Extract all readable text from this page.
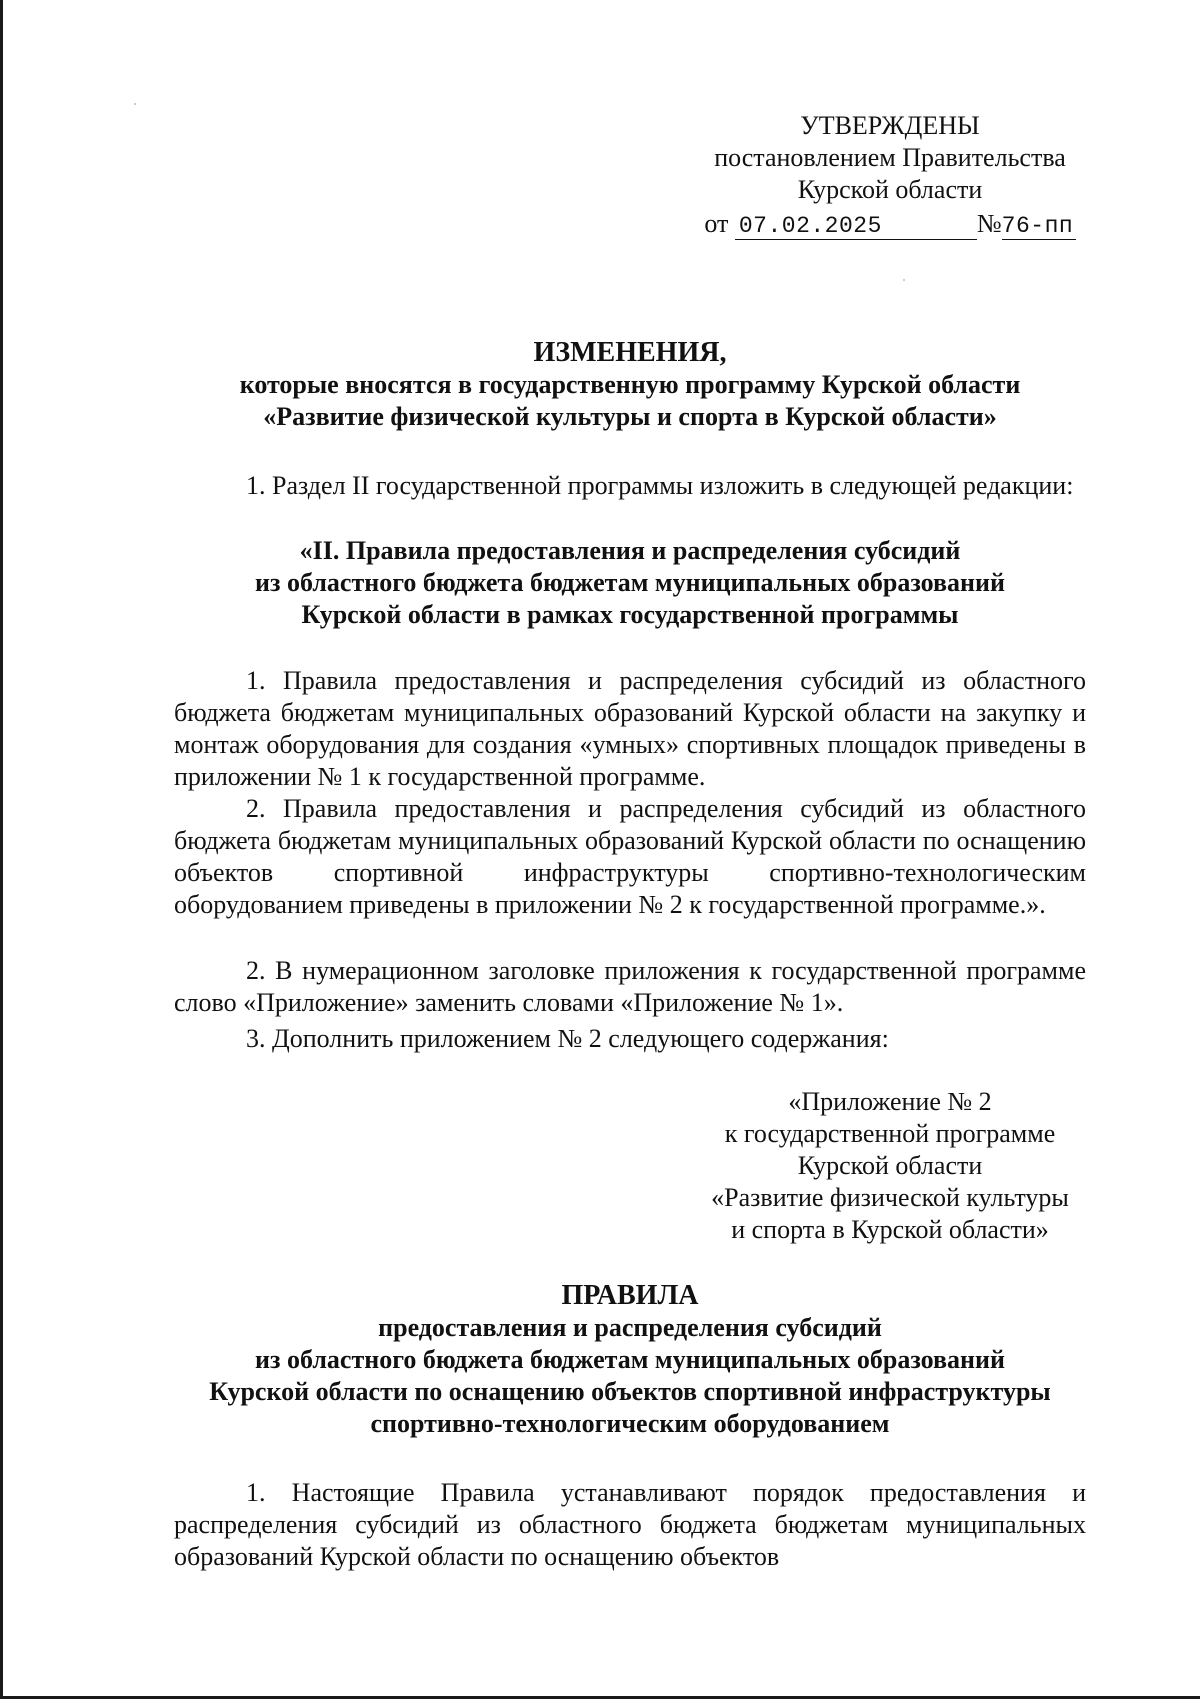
УТВЕРЖДЕНЫ
постановлением Правительства
Курской области
от 07.02.2025	№76-пп
ИЗМЕНЕНИЯ,
которые вносятся в государственную программу Курской области
«Развитие физической культуры и спорта в Курской области»
1. Раздел II государственной программы изложить в следующей редакции:
«II. Правила предоставления и распределения субсидий
из областного бюджета бюджетам муниципальных образований
Курской области в рамках государственной программы
1. Правила предоставления и распределения субсидий из областного бюджета бюджетам муниципальных образований Курской области на закупку и монтаж оборудования для создания «умных» спортивных площадок приведены в приложении № 1 к государственной программе.
2. Правила предоставления и распределения субсидий из областного бюджета бюджетам муниципальных образований Курской области по оснащению объектов спортивной инфраструктуры спортивно-технологическим оборудованием приведены в приложении № 2 к государственной программе.».
2. В нумерационном заголовке приложения к государственной программе слово «Приложение» заменить словами «Приложение № 1».
3. Дополнить приложением № 2 следующего содержания:
«Приложение № 2
к государственной программе
Курской области
«Развитие физической культуры
и спорта в Курской области»
ПРАВИЛА
предоставления и распределения субсидий
из областного бюджета бюджетам муниципальных образований
Курской области по оснащению объектов спортивной инфраструктуры
спортивно-технологическим оборудованием
1. Настоящие Правила устанавливают порядок предоставления и распределения субсидий из областного бюджета бюджетам муниципальных образований Курской области по оснащению объектов
